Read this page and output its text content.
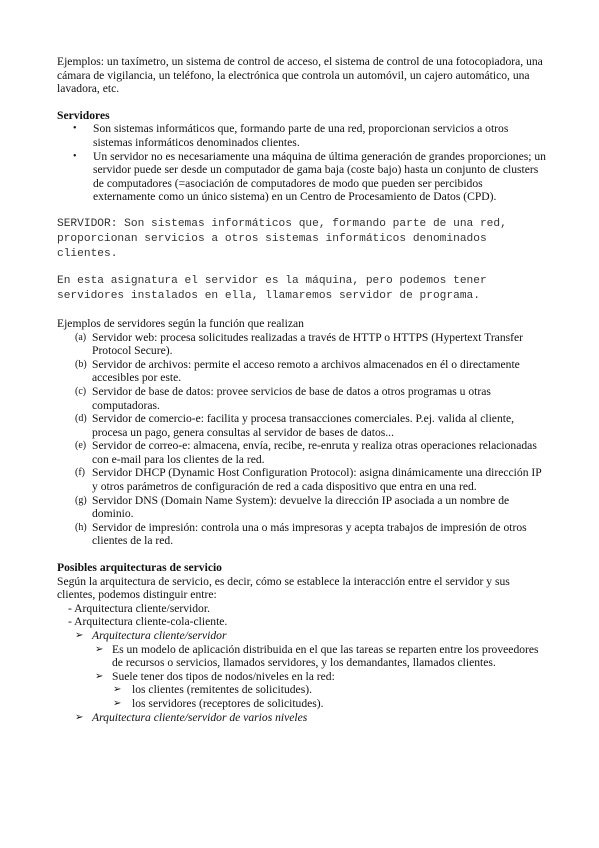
Ejemplos: un taxímetro, un sistema de control de acceso, el sistema de control de una fotocopiadora, una cámara de vigilancia, un teléfono, la electrónica que controla un automóvil, un cajero automático, una lavadora, etc.

Servidores

• Son sistemas informáticos que, formando parte de una red, proporcionan servicios a otros sistemas informáticos denominados clientes.
• Un servidor no es necesariamente una máquina de última generación de grandes proporciones; un servidor puede ser desde un computador de gama baja (coste bajo) hasta un conjunto de clusters de computadores (=asociación de computadores de modo que pueden ser percibidos externamente como un único sistema) en un Centro de Procesamiento de Datos (CPD).

SERVIDOR: Son sistemas informáticos que, formando parte de una red, proporcionan servicios a otros sistemas informáticos denominados clientes.

En esta asignatura el servidor es la máquina, pero podemos tener servidores instalados en ella, llamaremos servidor de programa.

Ejemplos de servidores según la función que realizan

(a) Servidor web: procesa solicitudes realizadas a través de HTTP o HTTPS (Hypertext Transfer Protocol Secure).
(b) Servidor de archivos: permite el acceso remoto a archivos almacenados en él o directamente accesibles por este.
(c) Servidor de base de datos: provee servicios de base de datos a otros programas u otras computadoras.
(d) Servidor de comercio-e: facilita y procesa transacciones comerciales. P.ej. valida al cliente, procesa un pago, genera consultas al servidor de bases de datos...
(e) Servidor de correo-e: almacena, envía, recibe, re-enruta y realiza otras operaciones relacionadas con e-mail para los clientes de la red.
(f) Servidor DHCP (Dynamic Host Configuration Protocol): asigna dinámicamente una dirección IP y otros parámetros de configuración de red a cada dispositivo que entra en una red.
(g) Servidor DNS (Domain Name System): devuelve la dirección IP asociada a un nombre de dominio.
(h) Servidor de impresión: controla una o más impresoras y acepta trabajos de impresión de otros clientes de la red.

Posibles arquitecturas de servicio

Según la arquitectura de servicio, es decir, cómo se establece la interacción entre el servidor y sus clientes, podemos distinguir entre:

- Arquitectura cliente/servidor.

- Arquitectura cliente-cola-cliente.

➢ Arquitectura cliente/servidor
➢ Es un modelo de aplicación distribuida en el que las tareas se reparten entre los proveedores de recursos o servicios, llamados servidores, y los demandantes, llamados clientes.
➢ Suele tener dos tipos de nodos/niveles en la red:
➢ los clientes (remitentes de solicitudes).
➢ los servidores (receptores de solicitudes).
➢ Arquitectura cliente/servidor de varios niveles
